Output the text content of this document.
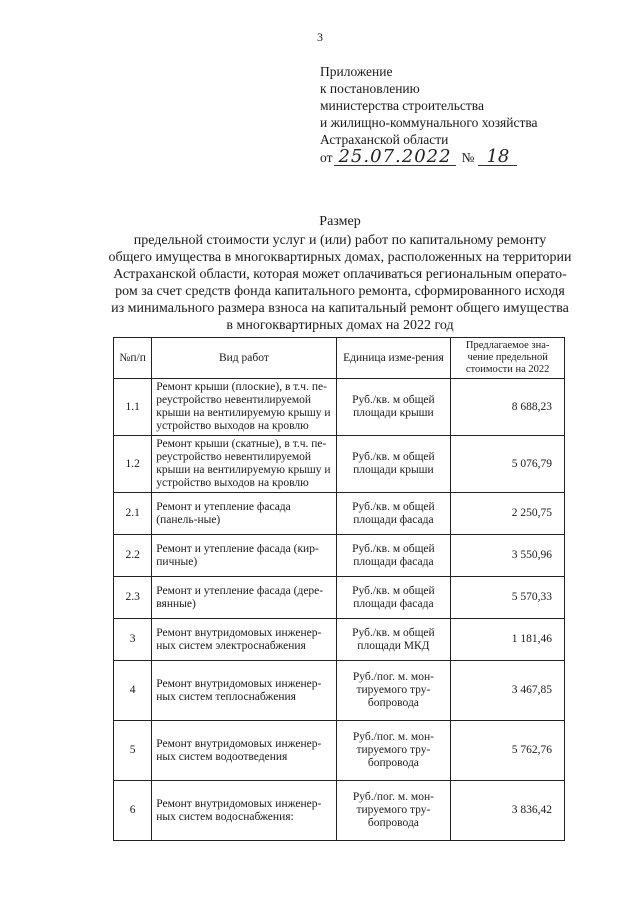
3
Приложение
к постановлению
министерства строительства
и жилищно-коммунального хозяйства
Астраханской области
от 25.07.2022 № 18
Размер
предельной стоимости услуг и (или) работ по капитальному ремонту
общего имущества в многоквартирных домах, расположенных на территории
Астраханской области, которая может оплачиваться региональным операто-
ром за счет средств фонда капитального ремонта, сформированного исходя
из минимального размера взноса на капитальный ремонт общего имущества
в многоквартирных домах на 2022 год
№п/п	Вид работ	Единица изме-рения	Предлагаемое зна-чение предельной стоимости на 2022
1.1	Ремонт крыши (плоские), в т.ч. пе-реустройство невентилируемой крыши на вентилируемую крышу и устройство выходов на кровлю	Руб./кв. м общей площади крыши	8 688,23
1.2	Ремонт крыши (скатные), в т.ч. пе-реустройство невентилируемой крыши на вентилируемую крышу и устройство выходов на кровлю	Руб./кв. м общей площади крыши	5 076,79
2.1	Ремонт и утепление фасада (панель-ные)	Руб./кв. м общей площади фасада	2 250,75
2.2	Ремонт и утепление фасада (кир-пичные)	Руб./кв. м общей площади фасада	3 550,96
2.3	Ремонт и утепление фасада (дере-вянные)	Руб./кв. м общей площади фасада	5 570,33
3	Ремонт внутридомовых инженер-ных систем электроснабжения	Руб./кв. м общей площади МКД	1 181,46
4	Ремонт внутридомовых инженер-ных систем теплоснабжения	Руб./пог. м. мон-тируемого тру-бопровода	3 467,85
5	Ремонт внутридомовых инженер-ных систем водоотведения	Руб./пог. м. мон-тируемого тру-бопровода	5 762,76
6	Ремонт внутридомовых инженер-ных систем водоснабжения:	Руб./пог. м. мон-тируемого тру-бопровода	3 836,42
